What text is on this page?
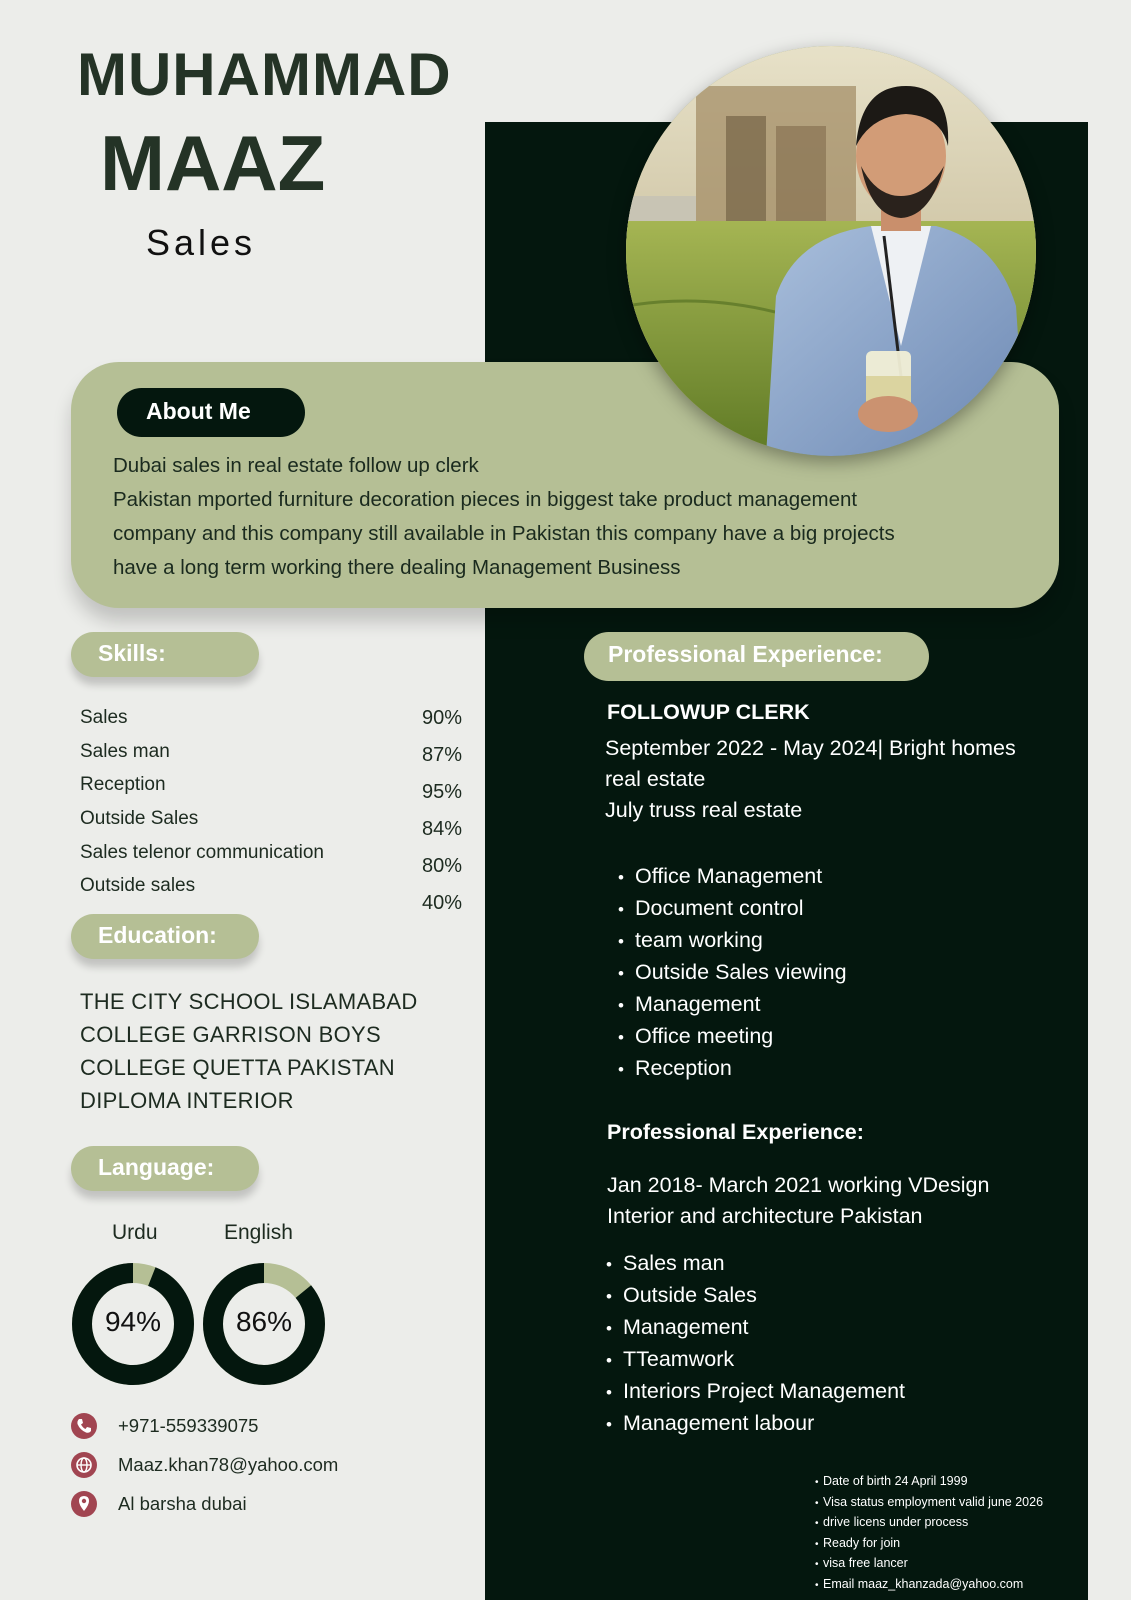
MUHAMMAD
MAAZ
Sales
About Me
Dubai sales in real estate follow up clerk
Pakistan mported furniture decoration pieces in biggest take product management
company and this company still available in Pakistan this company have a big projects
have a long term working there dealing Management Business
Skills:
Sales
Sales man
Reception
Outside Sales
Sales telenor communication
Outside sales
90%
87%
95%
84%
80%
40%
Education:
THE CITY SCHOOL ISLAMABAD
COLLEGE GARRISON BOYS
COLLEGE QUETTA PAKISTAN
DIPLOMA INTERIOR
Language:
Urdu	English
94%	86%
+971-559339075
Maaz.khan78@yahoo.com
Al barsha dubai
Professional Experience:
FOLLOWUP CLERK
September 2022 - May 2024| Bright homes
real estate
July truss real estate
• Office Management
• Document control
• team working
• Outside Sales viewing
• Management
• Office meeting
• Reception
Professional Experience:
Jan 2018- March 2021 working VDesign
Interior and architecture Pakistan
• Sales man
• Outside Sales
• Management
• TTeamwork
• Interiors Project Management
• Management labour
• Date of birth 24 April 1999
• Visa status employment valid june 2026
• drive licens under process
• Ready for join
• visa free lancer
• Email maaz_khanzada@yahoo.com
